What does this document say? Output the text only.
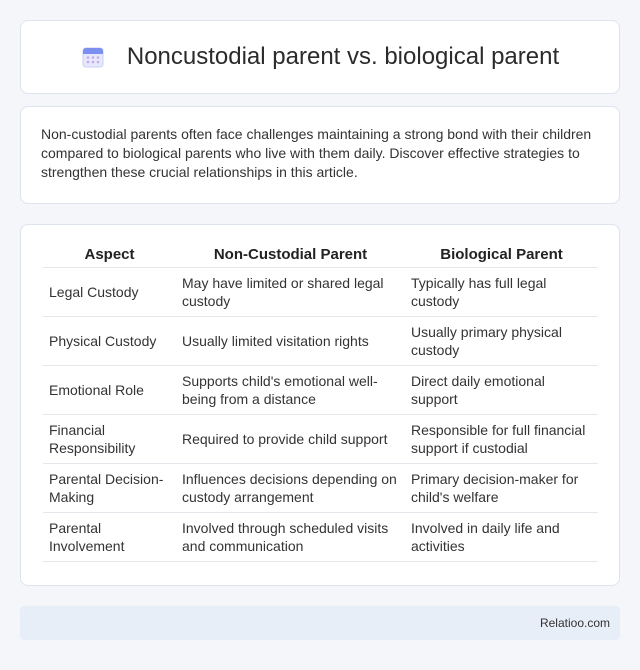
Noncustodial parent vs. biological parent

Non-custodial parents often face challenges maintaining a strong bond with their children compared to biological parents who live with them daily. Discover effective strategies to strengthen these crucial relationships in this article.

Aspect	Non-Custodial Parent	Biological Parent
Legal Custody	May have limited or shared legal custody	Typically has full legal custody
Physical Custody	Usually limited visitation rights	Usually primary physical custody
Emotional Role	Supports child's emotional well-being from a distance	Direct daily emotional support
Financial Responsibility	Required to provide child support	Responsible for full financial support if custodial
Parental Decision-Making	Influences decisions depending on custody arrangement	Primary decision-maker for child's welfare
Parental Involvement	Involved through scheduled visits and communication	Involved in daily life and activities
Relatioo.com
